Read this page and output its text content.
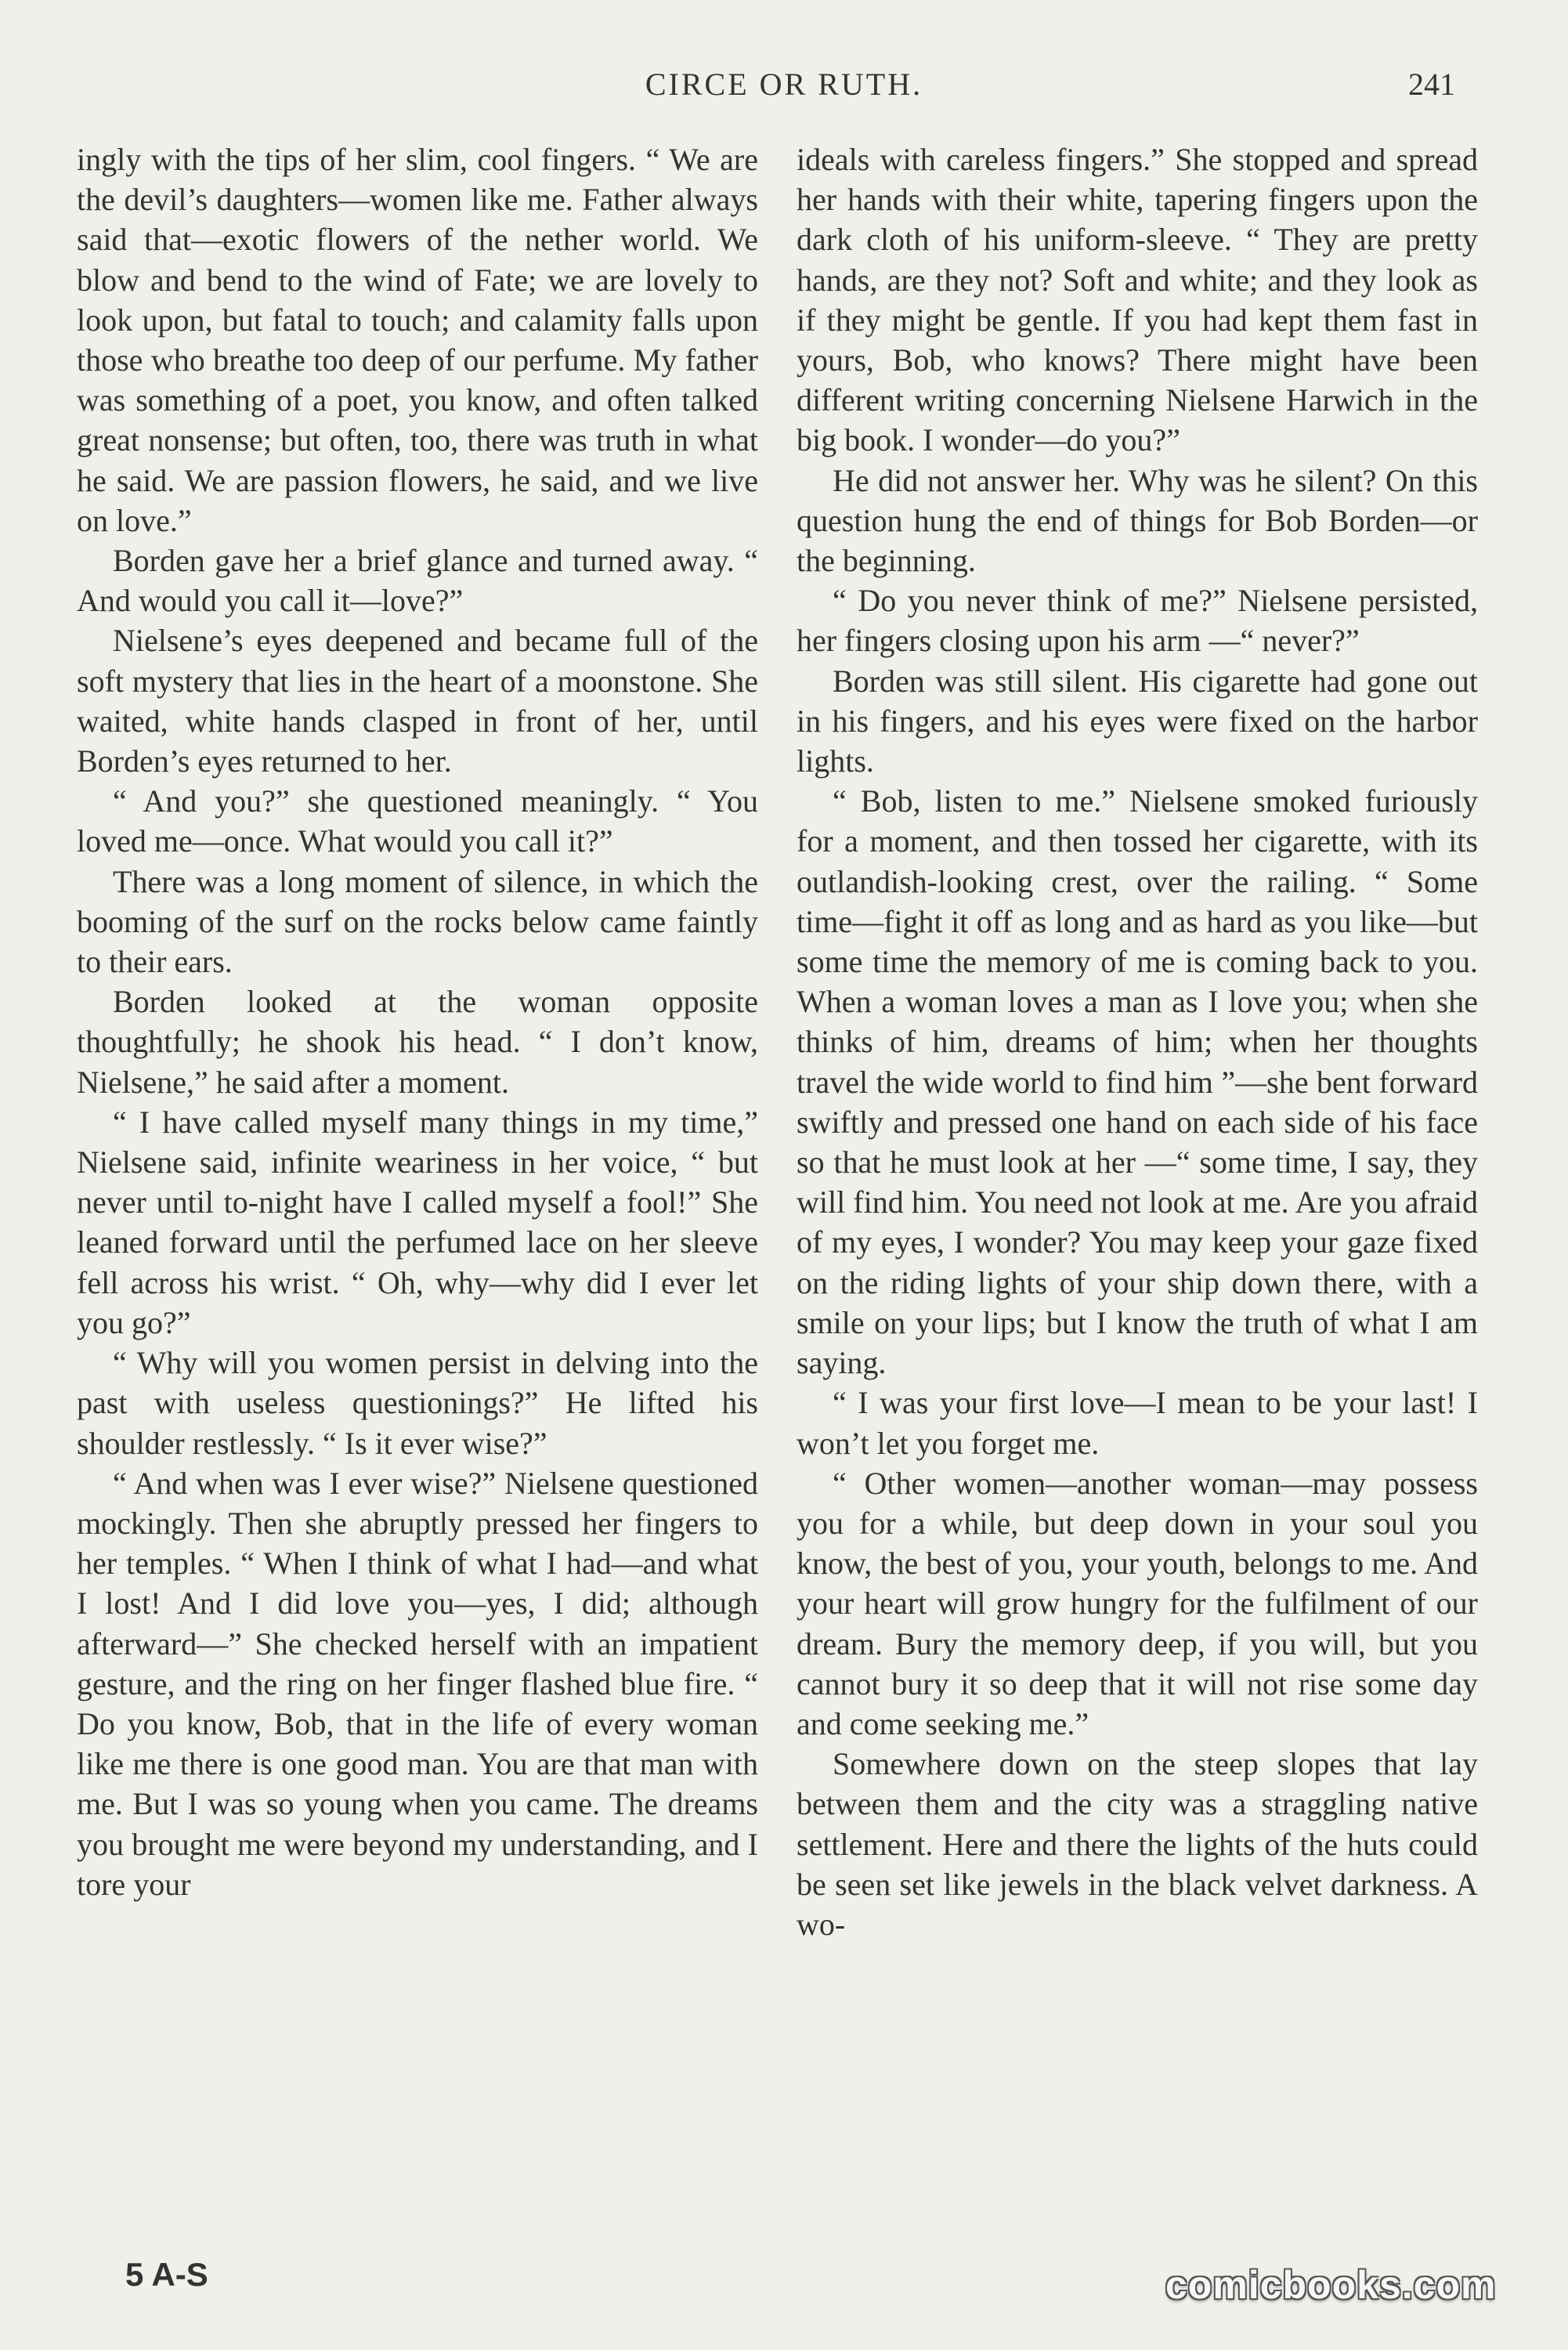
CIRCE OR RUTH.	241

ingly with the tips of her slim, cool fingers. “ We are the devil’s daughters—women like me. Father always said that—exotic flowers of the nether world. We blow and bend to the wind of Fate; we are lovely to look upon, but fatal to touch; and calamity falls upon those who breathe too deep of our perfume. My father was something of a poet, you know, and often talked great nonsense; but often, too, there was truth in what he said. We are passion flowers, he said, and we live on love.”

Borden gave her a brief glance and turned away. “ And would you call it—love?”

Nielsene’s eyes deepened and became full of the soft mystery that lies in the heart of a moonstone. She waited, white hands clasped in front of her, until Borden’s eyes returned to her.

“ And you?” she questioned meaningly. “ You loved me—once. What would you call it?”

There was a long moment of silence, in which the booming of the surf on the rocks below came faintly to their ears.

Borden looked at the woman opposite thoughtfully; he shook his head. “ I don’t know, Nielsene,” he said after a moment.

“ I have called myself many things in my time,” Nielsene said, infinite weariness in her voice, “ but never until to-night have I called myself a fool!” She leaned forward until the perfumed lace on her sleeve fell across his wrist. “ Oh, why—why did I ever let you go?”

“ Why will you women persist in delving into the past with useless questionings?” He lifted his shoulder restlessly. “ Is it ever wise?”

“ And when was I ever wise?” Nielsene questioned mockingly. Then she abruptly pressed her fingers to her temples. “ When I think of what I had—and what I lost! And I did love you—yes, I did; although afterward—” She checked herself with an impatient gesture, and the ring on her finger flashed blue fire. “ Do you know, Bob, that in the life of every woman like me there is one good man. You are that man with me. But I was so young when you came. The dreams you brought me were beyond my understanding, and I tore your

ideals with careless fingers.” She stopped and spread her hands with their white, tapering fingers upon the dark cloth of his uniform-sleeve. “ They are pretty hands, are they not? Soft and white; and they look as if they might be gentle. If you had kept them fast in yours, Bob, who knows? There might have been different writing concerning Nielsene Harwich in the big book. I wonder—do you?”

He did not answer her. Why was he silent? On this question hung the end of things for Bob Borden—or the beginning.

“ Do you never think of me?” Nielsene persisted, her fingers closing upon his arm —“ never?”

Borden was still silent. His cigarette had gone out in his fingers, and his eyes were fixed on the harbor lights.

“ Bob, listen to me.” Nielsene smoked furiously for a moment, and then tossed her cigarette, with its outlandish-looking crest, over the railing. “ Some time—fight it off as long and as hard as you like—but some time the memory of me is coming back to you. When a woman loves a man as I love you; when she thinks of him, dreams of him; when her thoughts travel the wide world to find him ”—she bent forward swiftly and pressed one hand on each side of his face so that he must look at her —“ some time, I say, they will find him. You need not look at me. Are you afraid of my eyes, I wonder? You may keep your gaze fixed on the riding lights of your ship down there, with a smile on your lips; but I know the truth of what I am saying.

“ I was your first love—I mean to be your last! I won’t let you forget me.

“ Other women—another woman—may possess you for a while, but deep down in your soul you know, the best of you, your youth, belongs to me. And your heart will grow hungry for the fulfilment of our dream. Bury the memory deep, if you will, but you cannot bury it so deep that it will not rise some day and come seeking me.”

Somewhere down on the steep slopes that lay between them and the city was a straggling native settlement. Here and there the lights of the huts could be seen set like jewels in the black velvet darkness. A wo-

5 A-S	comicbooks.com
